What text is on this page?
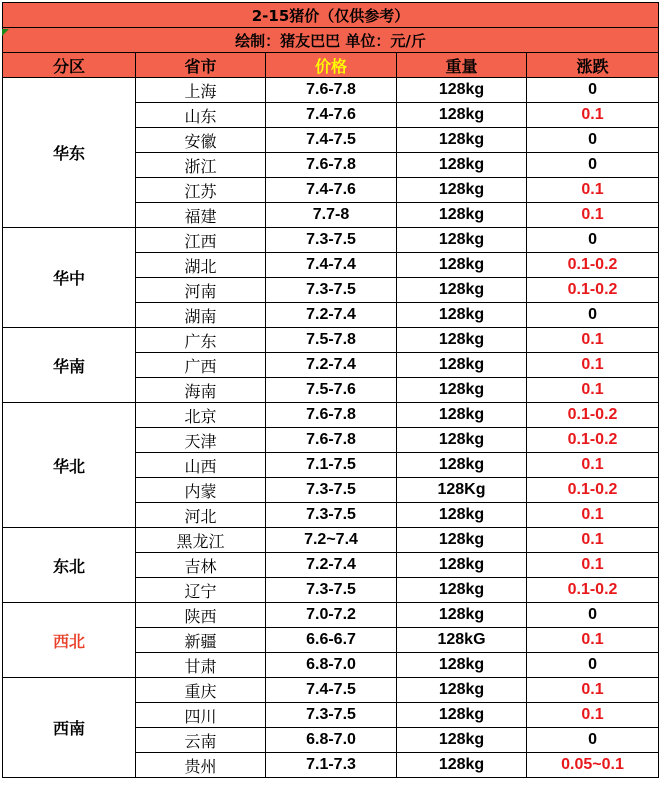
2-15猪价（仅供参考）				
绘制：猪友巴巴 单位：元/斤				
分区	省市	价格	重量	涨跌
华东	上海	7.6-7.8	128kg	0
	山东	7.4-7.6	128kg	0.1
	安徽	7.4-7.5	128kg	0
	浙江	7.6-7.8	128kg	0
	江苏	7.4-7.6	128kg	0.1
	福建	7.7-8	128kg	0.1
华中	江西	7.3-7.5	128kg	0
	湖北	7.4-7.4	128kg	0.1-0.2
	河南	7.3-7.5	128kg	0.1-0.2
	湖南	7.2-7.4	128kg	0
华南	广东	7.5-7.8	128kg	0.1
	广西	7.2-7.4	128kg	0.1
	海南	7.5-7.6	128kg	0.1
华北	北京	7.6-7.8	128kg	0.1-0.2
	天津	7.6-7.8	128kg	0.1-0.2
	山西	7.1-7.5	128kg	0.1
	内蒙	7.3-7.5	128Kg	0.1-0.2
	河北	7.3-7.5	128kg	0.1
东北	黑龙江	7.2~7.4	128kg	0.1
	吉林	7.2-7.4	128kg	0.1
	辽宁	7.3-7.5	128kg	0.1-0.2
西北	陕西	7.0-7.2	128kg	0
	新疆	6.6-6.7	128kG	0.1
	甘肃	6.8-7.0	128kg	0
西南	重庆	7.4-7.5	128kg	0.1
	四川	7.3-7.5	128kg	0.1
	云南	6.8-7.0	128kg	0
	贵州	7.1-7.3	128kg	0.05~0.1
